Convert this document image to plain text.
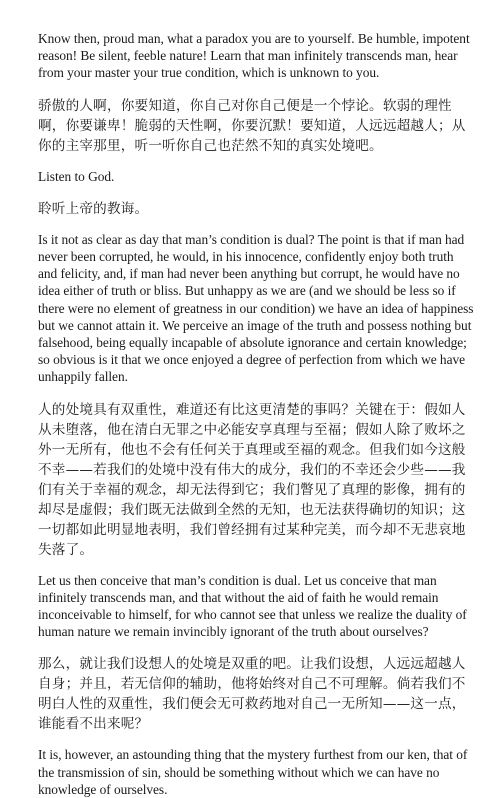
Know then, proud man, what a paradox you are to yourself. Be humble, impotent reason! Be silent, feeble nature! Learn that man infinitely transcends man, hear from your master your true condition, which is unknown to you.

骄傲的人啊，你要知道，你自己对你自己便是一个悖论。软弱的理性啊，你要谦卑！脆弱的天性啊，你要沉默！要知道，人远远超越人；从你的主宰那里，听一听你自己也茫然不知的真实处境吧。

Listen to God.

聆听上帝的教诲。

Is it not as clear as day that man’s condition is dual? The point is that if man had never been corrupted, he would, in his innocence, confidently enjoy both truth and felicity, and, if man had never been anything but corrupt, he would have no idea either of truth or bliss. But unhappy as we are (and we should be less so if there were no element of greatness in our condition) we have an idea of happiness but we cannot attain it. We perceive an image of the truth and possess nothing but falsehood, being equally incapable of absolute ignorance and certain knowledge; so obvious is it that we once enjoyed a degree of perfection from which we have unhappily fallen.

人的处境具有双重性，难道还有比这更清楚的事吗？关键在于：假如人从未堕落，他在清白无罪之中必能安享真理与至福；假如人除了败坏之外一无所有，他也不会有任何关于真理或至福的观念。但我们如今这般不幸——若我们的处境中没有伟大的成分，我们的不幸还会少些——我们有关于幸福的观念，却无法得到它；我们瞥见了真理的影像，拥有的却尽是虚假；我们既无法做到全然的无知，也无法获得确切的知识；这一切都如此明显地表明，我们曾经拥有过某种完美，而今却不无悲哀地失落了。

Let us then conceive that man’s condition is dual. Let us conceive that man infinitely transcends man, and that without the aid of faith he would remain inconceivable to himself, for who cannot see that unless we realize the duality of human nature we remain invincibly ignorant of the truth about ourselves?

那么，就让我们设想人的处境是双重的吧。让我们设想，人远远超越人自身；并且，若无信仰的辅助，他将始终对自己不可理解。倘若我们不明白人性的双重性，我们便会无可救药地对自己一无所知——这一点，谁能看不出来呢？

It is, however, an astounding thing that the mystery furthest from our ken, that of the transmission of sin, should be something without which we can have no knowledge of ourselves.
